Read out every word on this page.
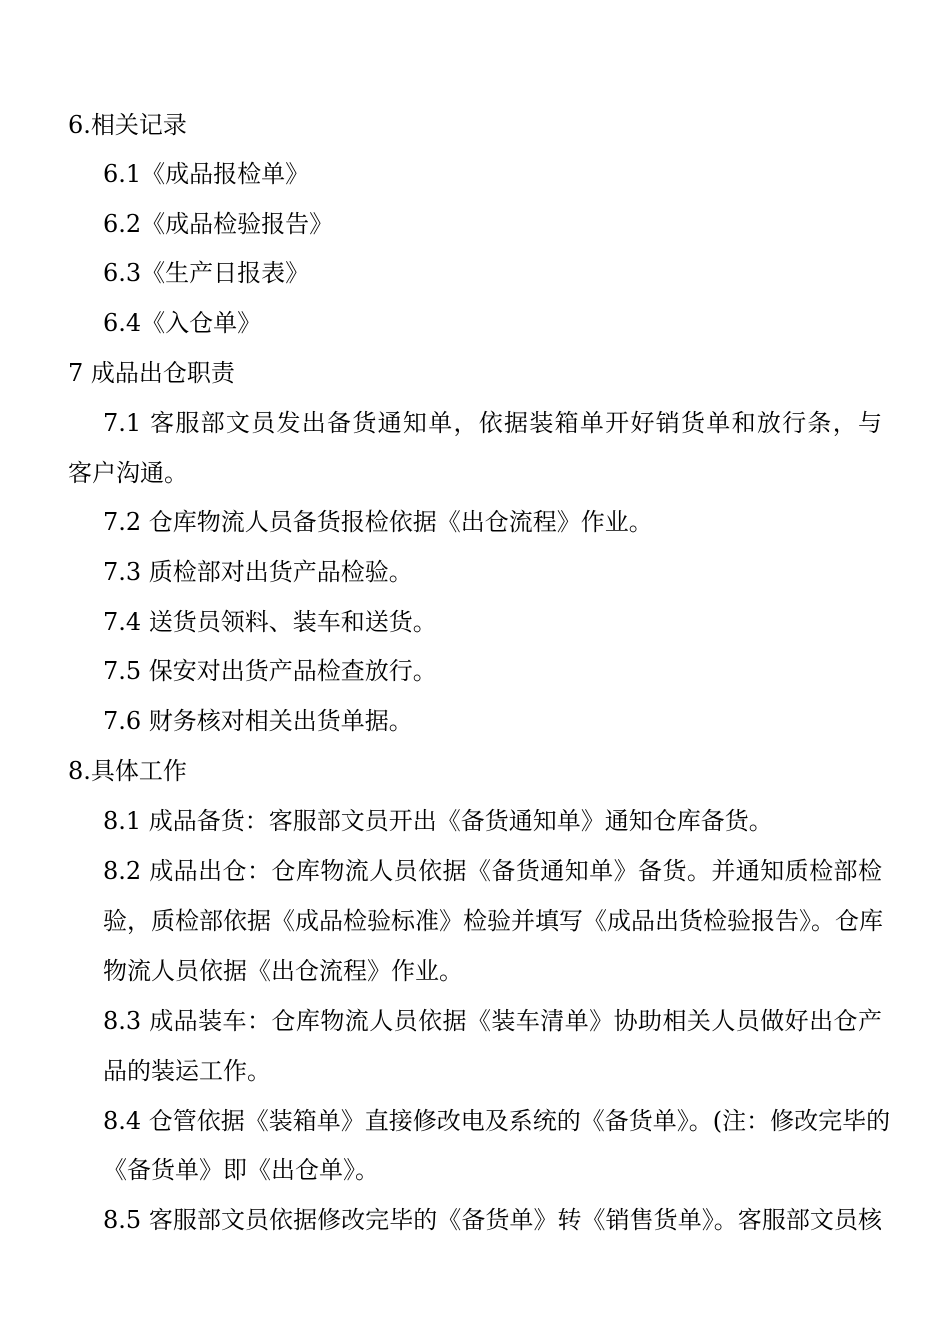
6.相关记录
6.1《成品报检单》
6.2《成品检验报告》
6.3《生产日报表》
6.4《入仓单》
7 成品出仓职责
7.1 客服部文员发出备货通知单，依据装箱单开好销货单和放行条，与
客户沟通。
7.2 仓库物流人员备货报检依据《出仓流程》作业。
7.3 质检部对出货产品检验。
7.4 送货员领料、装车和送货。
7.5 保安对出货产品检查放行。
7.6 财务核对相关出货单据。
8.具体工作
8.1 成品备货：客服部文员开出《备货通知单》通知仓库备货。
8.2 成品出仓：仓库物流人员依据《备货通知单》备货。并通知质检部检
验，质检部依据《成品检验标准》检验并填写《成品出货检验报告》。仓库
物流人员依据《出仓流程》作业。
8.3 成品装车：仓库物流人员依据《装车清单》协助相关人员做好出仓产
品的装运工作。
8.4 仓管依据《装箱单》直接修改电及系统的《备货单》。(注：修改完毕的
《备货单》即《出仓单》。
8.5 客服部文员依据修改完毕的《备货单》转《销售货单》。客服部文员核
